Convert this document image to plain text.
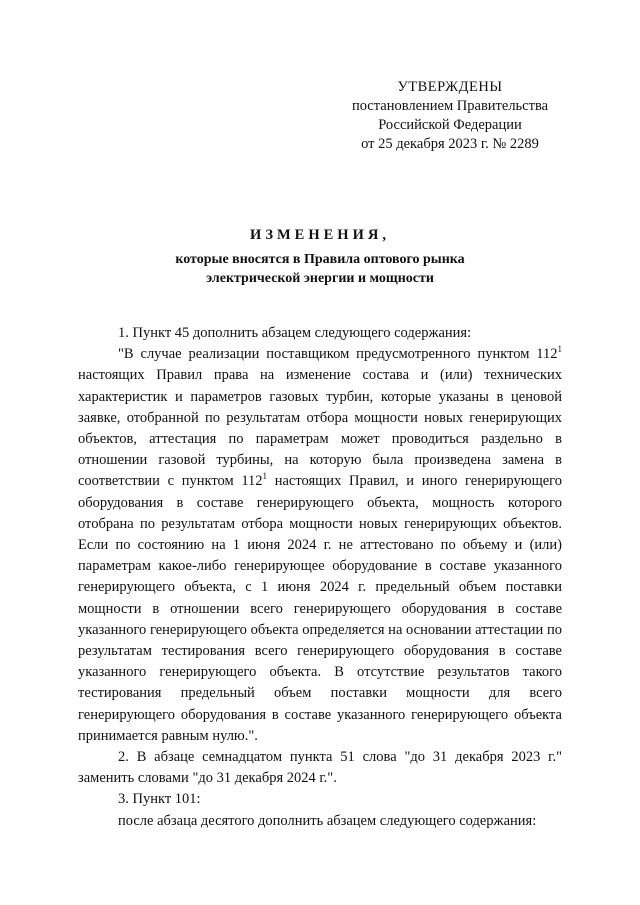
УТВЕРЖДЕНЫ
постановлением Правительства
Российской Федерации
от 25 декабря 2023 г. № 2289
ИЗМЕНЕНИЯ,
которые вносятся в Правила оптового рынка
электрической энергии и мощности

1. Пункт 45 дополнить абзацем следующего содержания:

"В случае реализации поставщиком предусмотренного пунктом $112^1$ настоящих Правил права на изменение состава и (или) технических характеристик и параметров газовых турбин, которые указаны в ценовой заявке, отобранной по результатам отбора мощности новых генерирующих объектов, аттестация по параметрам может проводиться раздельно в отношении газовой турбины, на которую была произведена замена в соответствии с пунктом $112^1$ настоящих Правил, и иного генерирующего оборудования в составе генерирующего объекта, мощность которого отобрана по результатам отбора мощности новых генерирующих объектов. Если по состоянию на 1 июня 2024 г. не аттестовано по объему и (или) параметрам какое-либо генерирующее оборудование в составе указанного генерирующего объекта, с 1 июня 2024 г. предельный объем поставки мощности в отношении всего генерирующего оборудования в составе указанного генерирующего объекта определяется на основании аттестации по результатам тестирования всего генерирующего оборудования в составе указанного генерирующего объекта. В отсутствие результатов такого тестирования предельный объем поставки мощности для всего генерирующего оборудования в составе указанного генерирующего объекта принимается равным нулю.".

2. В абзаце семнадцатом пункта 51 слова "до 31 декабря 2023 г." заменить словами "до 31 декабря 2024 г.".

3. Пункт 101:

после абзаца десятого дополнить абзацем следующего содержания:
